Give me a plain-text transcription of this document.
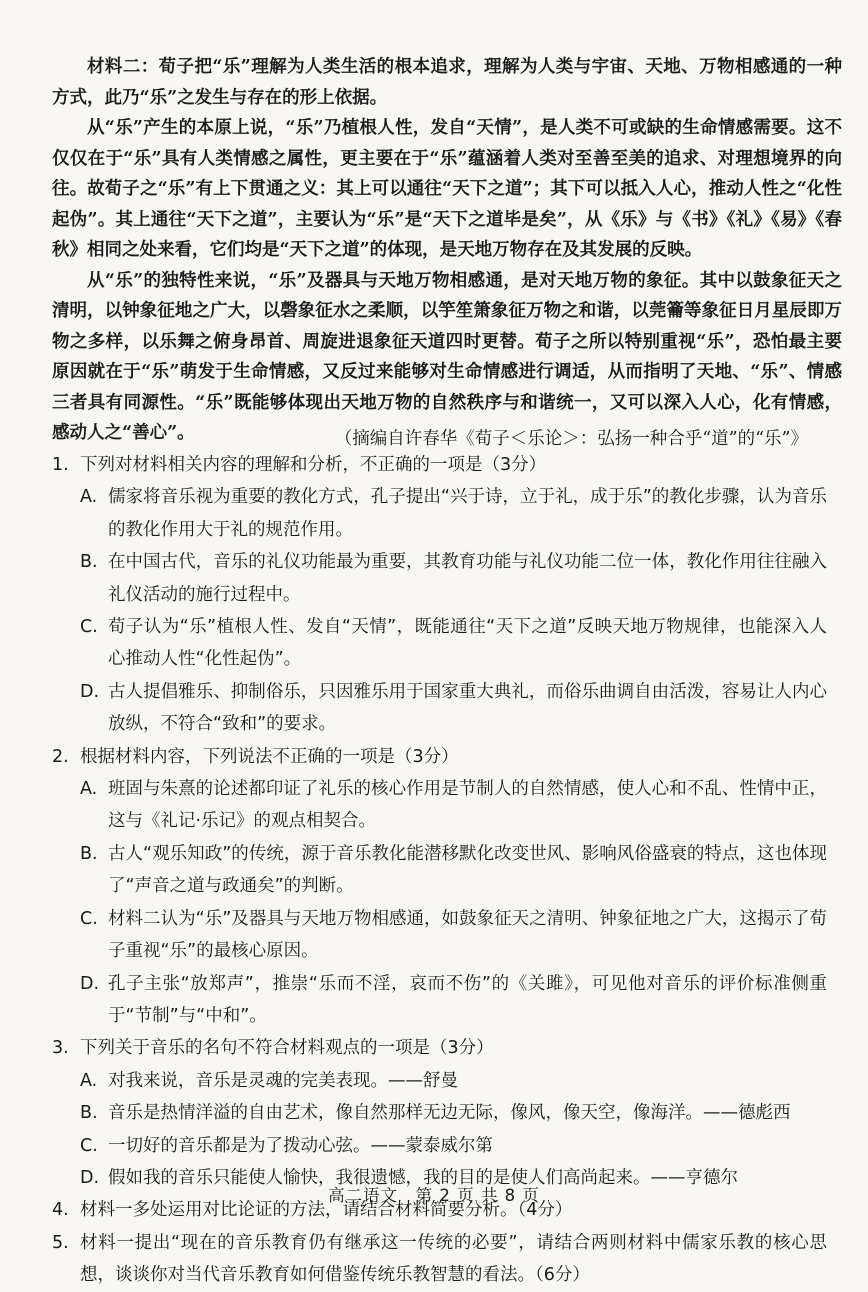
材料二：荀子把“乐”理解为人类生活的根本追求，理解为人类与宇宙、天地、万物相感通的一种方式，此乃“乐”之发生与存在的形上依据。

从“乐”产生的本原上说，“乐”乃植根人性，发自“天情”，是人类不可或缺的生命情感需要。这不仅仅在于“乐”具有人类情感之属性，更主要在于“乐”蕴涵着人类对至善至美的追求、对理想境界的向往。故荀子之“乐”有上下贯通之义：其上可以通往“天下之道”；其下可以抵入人心，推动人性之“化性起伪”。其上通往“天下之道”，主要认为“乐”是“天下之道毕是矣”，从《乐》与《书》《礼》《易》《春秋》相同之处来看，它们均是“天下之道”的体现，是天地万物存在及其发展的反映。

从“乐”的独特性来说，“乐”及器具与天地万物相感通，是对天地万物的象征。其中以鼓象征天之清明，以钟象征地之广大，以磬象征水之柔顺，以竽笙箫象征万物之和谐，以莞籥等象征日月星辰即万物之多样，以乐舞之俯身昂首、周旋进退象征天道四时更替。荀子之所以特别重视“乐”，恐怕最主要原因就在于“乐”萌发于生命情感，又反过来能够对生命情感进行调适，从而指明了天地、“乐”、情感三者具有同源性。“乐”既能够体现出天地万物的自然秩序与和谐统一，又可以深入人心，化有情感，感动人之“善心”。	（摘编自许春华《荀子＜乐论＞：弘扬一种合乎“道”的“乐”》
1. 下列对材料相关内容的理解和分析，不正确的一项是（3分）
A. 儒家将音乐视为重要的教化方式，孔子提出“兴于诗，立于礼，成于乐”的教化步骤，认为音乐的教化作用大于礼的规范作用。
B. 在中国古代，音乐的礼仪功能最为重要，其教育功能与礼仪功能二位一体，教化作用往往融入礼仪活动的施行过程中。
C. 荀子认为“乐”植根人性、发自“天情”，既能通往“天下之道”反映天地万物规律，也能深入人心推动人性“化性起伪”。
D. 古人提倡雅乐、抑制俗乐，只因雅乐用于国家重大典礼，而俗乐曲调自由活泼，容易让人内心放纵，不符合“致和”的要求。
2. 根据材料内容，下列说法不正确的一项是（3分）
A. 班固与朱熹的论述都印证了礼乐的核心作用是节制人的自然情感，使人心和不乱、性情中正，这与《礼记·乐记》的观点相契合。
B. 古人“观乐知政”的传统，源于音乐教化能潜移默化改变世风、影响风俗盛衰的特点，这也体现了“声音之道与政通矣”的判断。
C. 材料二认为“乐”及器具与天地万物相感通，如鼓象征天之清明、钟象征地之广大，这揭示了荀子重视“乐”的最核心原因。
D. 孔子主张“放郑声”，推崇“乐而不淫，哀而不伤”的《关雎》，可见他对音乐的评价标准侧重于“节制”与“中和”。
3. 下列关于音乐的名句不符合材料观点的一项是（3分）
A. 对我来说，音乐是灵魂的完美表现。——舒曼
B. 音乐是热情洋溢的自由艺术，像自然那样无边无际，像风，像天空，像海洋。——德彪西
C. 一切好的音乐都是为了拨动心弦。——蒙泰威尔第
D. 假如我的音乐只能使人愉快，我很遗憾，我的目的是使人们高尚起来。——亨德尔
4. 材料一多处运用对比论证的方法，请结合材料简要分析。（4分）
5. 材料一提出“现在的音乐教育仍有继承这一传统的必要”，请结合两则材料中儒家乐教的核心思想，谈谈你对当代音乐教育如何借鉴传统乐教智慧的看法。（6分）
高二语文　第 2 页 共 8 页
